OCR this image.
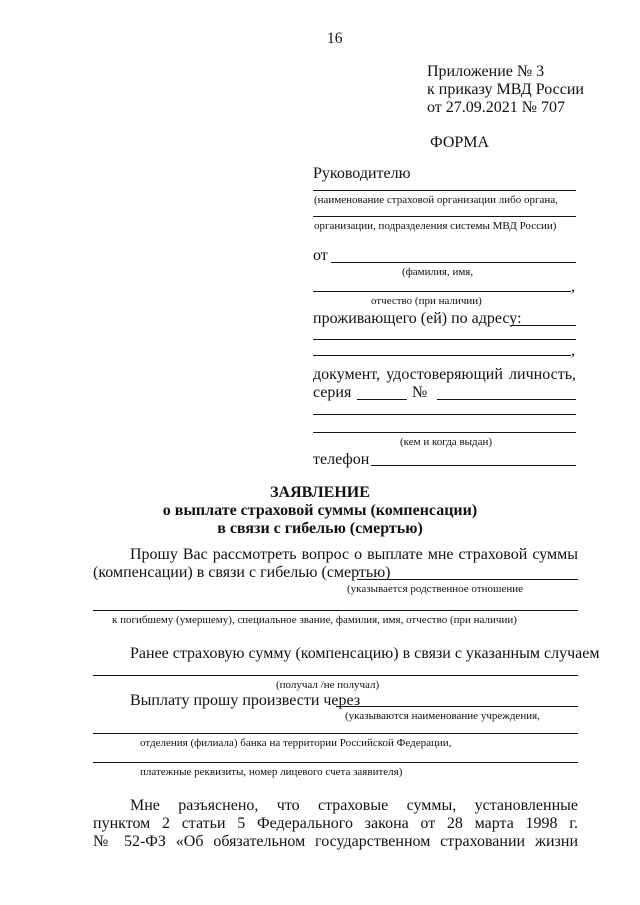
16
Приложение № 3
к приказу МВД России
от 27.09.2021 № 707
ФОРМА
Руководителю
(наименование страховой организации либо органа,
организации, подразделения системы МВД России)
от
(фамилия, имя,
,
отчество (при наличии)
проживающего (ей) по адресу:
,
документ, удостоверяющий личность,
серия	№
(кем и когда выдан)
телефон
ЗАЯВЛЕНИЕ
о выплате страховой суммы (компенсации)
в связи с гибелью (смертью)
Прошу Вас рассмотреть вопрос о выплате мне страховой суммы
(компенсации) в связи с гибелью (смертью)
(указывается родственное отношение
к погибшему (умершему), специальное звание, фамилия, имя, отчество (при наличии)
Ранее страховую сумму (компенсацию) в связи с указанным случаем
(получал /не получал)
Выплату прошу произвести через
(указываются наименование учреждения,
отделения (филиала) банка на территории Российской Федерации,
платежные реквизиты, номер лицевого счета заявителя)
Мне разъяснено, что страховые суммы, установленные
пунктом 2 статьи 5 Федерального закона от 28 марта 1998 г.
№ 52-ФЗ «Об обязательном государственном страховании жизни
